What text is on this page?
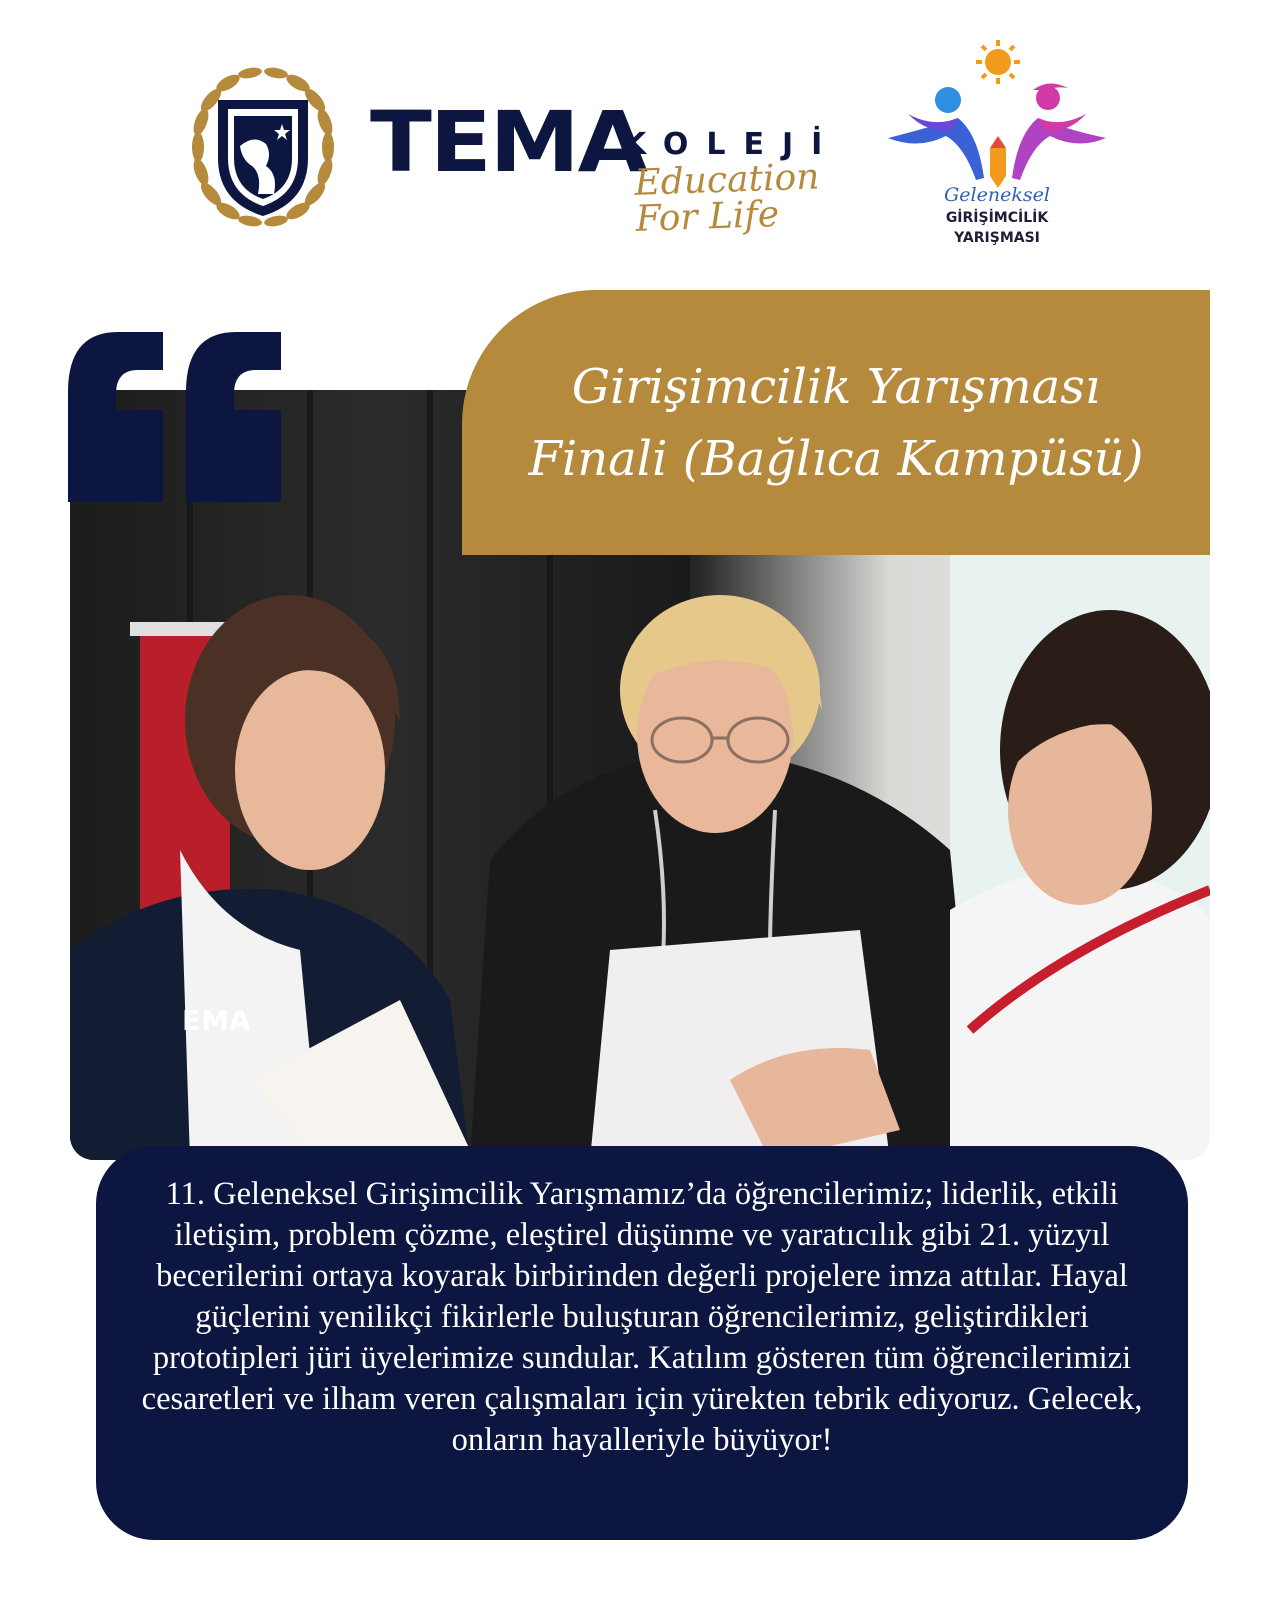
TEMA
KOLEJİ
Education For Life	Geleneksel
GİRİŞİMCİLİK
YARIŞMASI
EMA
Girişimcilik Yarışması
Finali (Bağlıca Kampüsü)

11. Geleneksel Girişimcilik Yarışmamız’da öğrencilerimiz; liderlik, etkili iletişim, problem çözme, eleştirel düşünme ve yaratıcılık gibi 21. yüzyıl becerilerini ortaya koyarak birbirinden değerli projelere imza attılar. Hayal güçlerini yenilikçi fikirlerle buluşturan öğrencilerimiz, geliştirdikleri prototipleri jüri üyelerimize sundular. Katılım gösteren tüm öğrencilerimizi cesaretleri ve ilham veren çalışmaları için yürekten tebrik ediyoruz. Gelecek, onların hayalleriyle büyüyor!
